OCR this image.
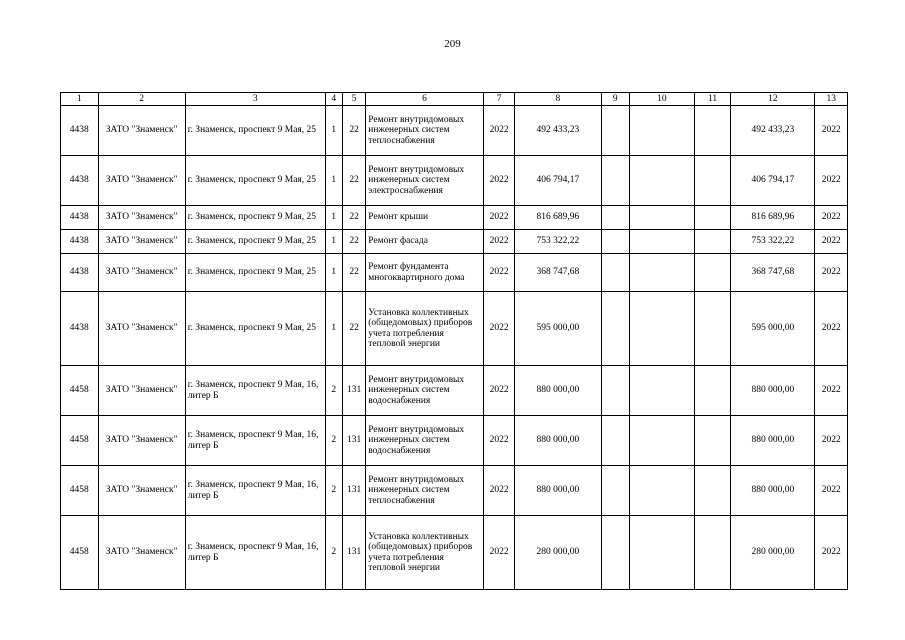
209
1	2	3	4	5	6	7	8	9	10	11	12	13
4438	ЗАТО "Знаменск"	г. Знаменск, проспект 9 Мая, 25	1	22	Ремонт внутридомовых инженерных систем теплоснабжения	2022	492 433,23				492 433,23	2022
4438	ЗАТО "Знаменск"	г. Знаменск, проспект 9 Мая, 25	1	22	Ремонт внутридомовых инженерных систем электроснабжения	2022	406 794,17				406 794,17	2022
4438	ЗАТО "Знаменск"	г. Знаменск, проспект 9 Мая, 25	1	22	Ремонт крыши	2022	816 689,96				816 689,96	2022
4438	ЗАТО "Знаменск"	г. Знаменск, проспект 9 Мая, 25	1	22	Ремонт фасада	2022	753 322,22				753 322,22	2022
4438	ЗАТО "Знаменск"	г. Знаменск, проспект 9 Мая, 25	1	22	Ремонт фундамента многоквартирного дома	2022	368 747,68				368 747,68	2022
4438	ЗАТО "Знаменск"	г. Знаменск, проспект 9 Мая, 25	1	22	Установка коллективных (общедомовых) приборов учета потребления тепловой энергии	2022	595 000,00				595 000,00	2022
4458	ЗАТО "Знаменск"	г. Знаменск, проспект 9 Мая, 16, литер Б	2	131	Ремонт внутридомовых инженерных систем водоснабжения	2022	880 000,00				880 000,00	2022
4458	ЗАТО "Знаменск"	г. Знаменск, проспект 9 Мая, 16, литер Б	2	131	Ремонт внутридомовых инженерных систем водоснабжения	2022	880 000,00				880 000,00	2022
4458	ЗАТО "Знаменск"	г. Знаменск, проспект 9 Мая, 16, литер Б	2	131	Ремонт внутридомовых инженерных систем теплоснабжения	2022	880 000,00				880 000,00	2022
4458	ЗАТО "Знаменск"	г. Знаменск, проспект 9 Мая, 16, литер Б	2	131	Установка коллективных (общедомовых) приборов учета потребления тепловой энергии	2022	280 000,00				280 000,00	2022
